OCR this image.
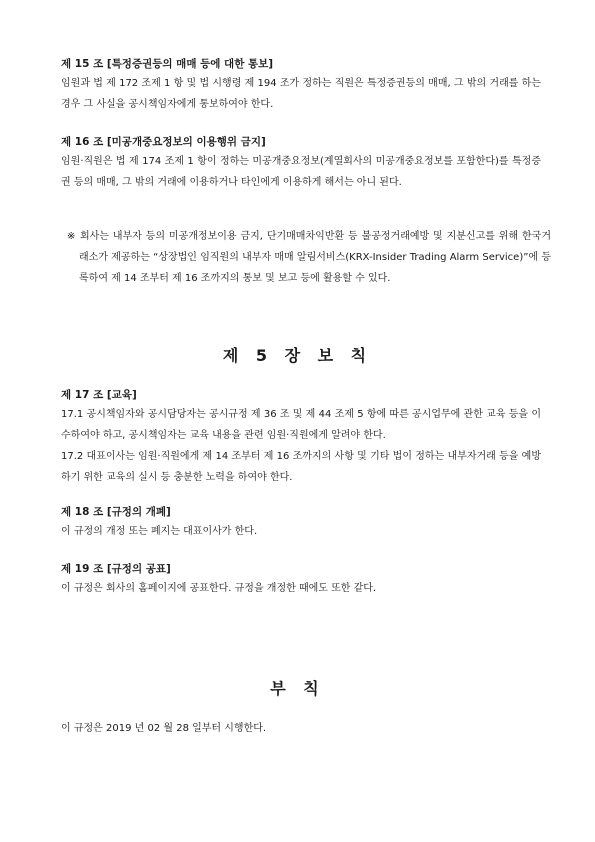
제 15 조 [특정증권등의 매매 등에 대한 통보]
임원과 법 제 172 조제 1 항 및 법 시행령 제 194 조가 정하는 직원은 특정증권등의 매매, 그 밖의 거래를 하는 경우 그 사실을 공시책임자에게 통보하여야 한다.
제 16 조 [미공개중요정보의 이용행위 금지]
임원·직원은 법 제 174 조제 1 항이 정하는 미공개중요정보(계열회사의 미공개중요정보를 포함한다)를 특정증권 등의 매매, 그 밖의 거래에 이용하거나 타인에게 이용하게 해서는 아니 된다.
※ 회사는 내부자 등의 미공개정보이용 금지, 단기매매차익반환 등 불공정거래예방 및 지분신고를 위해 한국거래소가 제공하는 “상장법인 임직원의 내부자 매매 알림서비스(KRX-Insider Trading Alarm Service)”에 등록하여 제 14 조부터 제 16 조까지의 통보 및 보고 등에 활용할 수 있다.
제 5 장 보 칙
제 17 조 [교육]
17.1 공시책임자와 공시담당자는 공시규정 제 36 조 및 제 44 조제 5 항에 따른 공시업무에 관한 교육 등을 이수하여야 하고, 공시책임자는 교육 내용을 관련 임원·직원에게 알려야 한다.
17.2 대표이사는 임원·직원에게 제 14 조부터 제 16 조까지의 사항 및 기타 법이 정하는 내부자거래 등을 예방하기 위한 교육의 실시 등 충분한 노력을 하여야 한다.
제 18 조 [규정의 개폐]
이 규정의 개정 또는 폐지는 대표이사가 한다.
제 19 조 [규정의 공표]
이 규정은 회사의 홈페이지에 공표한다. 규정을 개정한 때에도 또한 같다.
부 칙
이 규정은 2019 년 02 월 28 일부터 시행한다.
